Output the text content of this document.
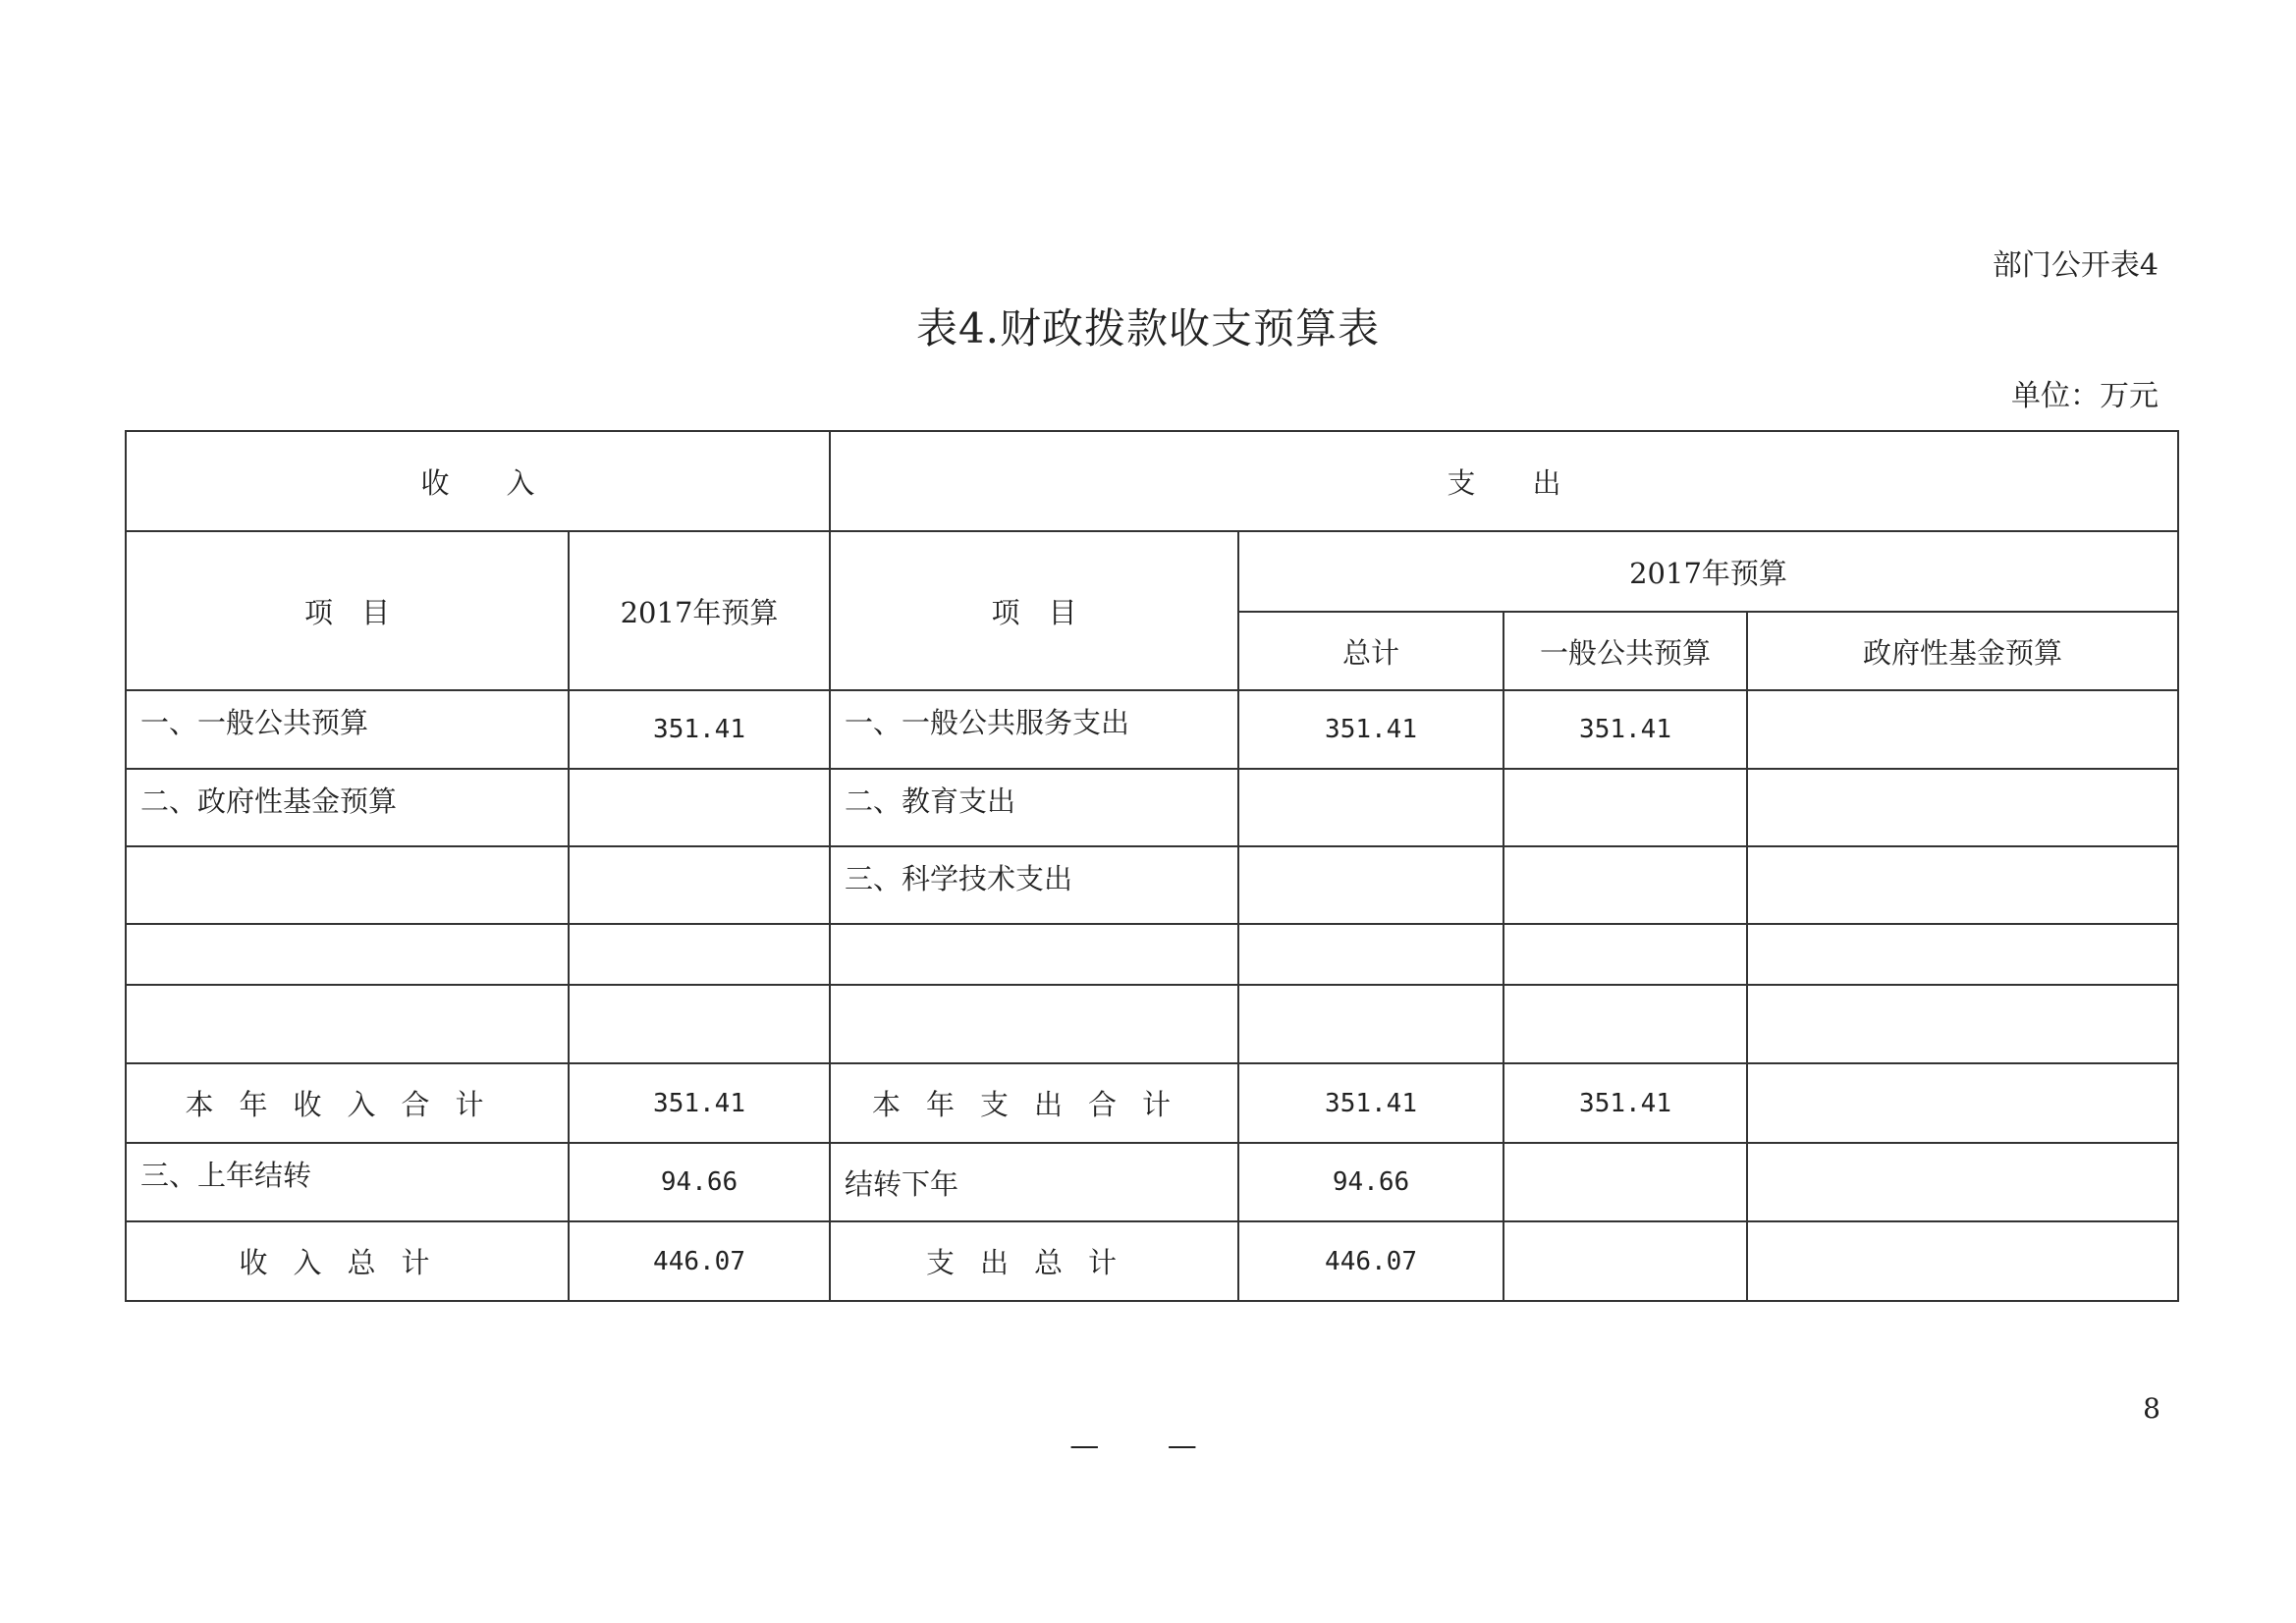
部门公开表4
表4.财政拨款收支预算表
单位：万元
收　　入		支　　出			
项　目	2017年预算	项　目	2017年预算		
			总计	一般公共预算	政府性基金预算
一、一般公共预算	351.41	一、一般公共服务支出	351.41	351.41	
二、政府性基金预算		二、教育支出			
		三、科学技术支出			

本年收入合计	351.41	本年支出合计	351.41	351.41	
三、上年结转	94.66	结转下年	94.66		
收入总计	446.07	支出总计	446.07		
8
— —
